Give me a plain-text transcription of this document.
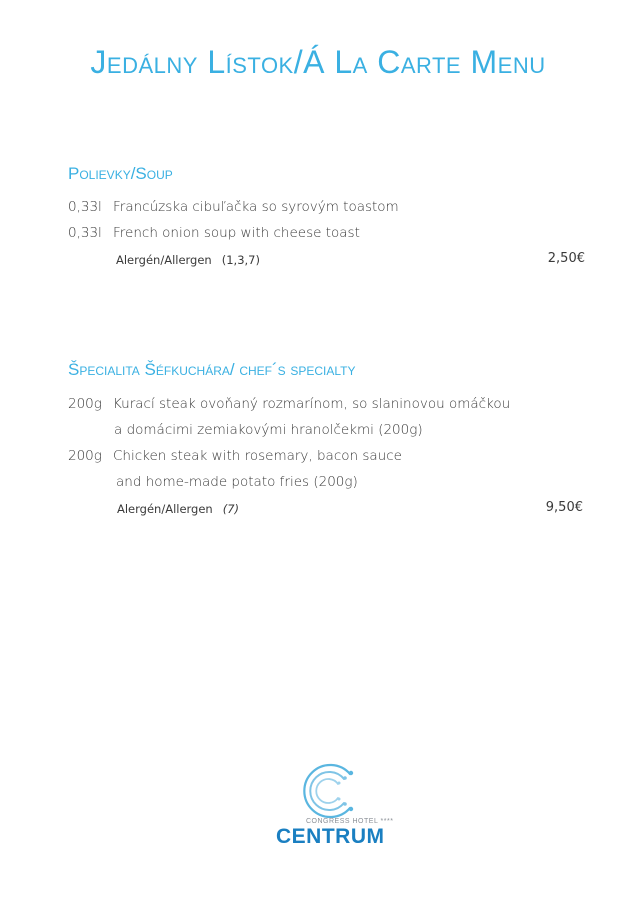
Jedálny Lístok/Á La Carte Menu
Polievky/Soup
0,33l Francúzska cibuľačka so syrovým toastom
0,33l French onion soup with cheese toast
Alergén/Allergen (1,3,7)	2,50€
Špecialita Šéfkuchára/ chef´s specialty
200g Kurací steak ovoňaný rozmarínom, so slaninovou omáčkou
a domácimi zemiakovými hranolčekmi (200g)
200g Chicken steak with rosemary, bacon sauce
and home-made potato fries (200g)
Alergén/Allergen (7)	9,50€
CONGRESS HOTEL ****
CENTRUM
